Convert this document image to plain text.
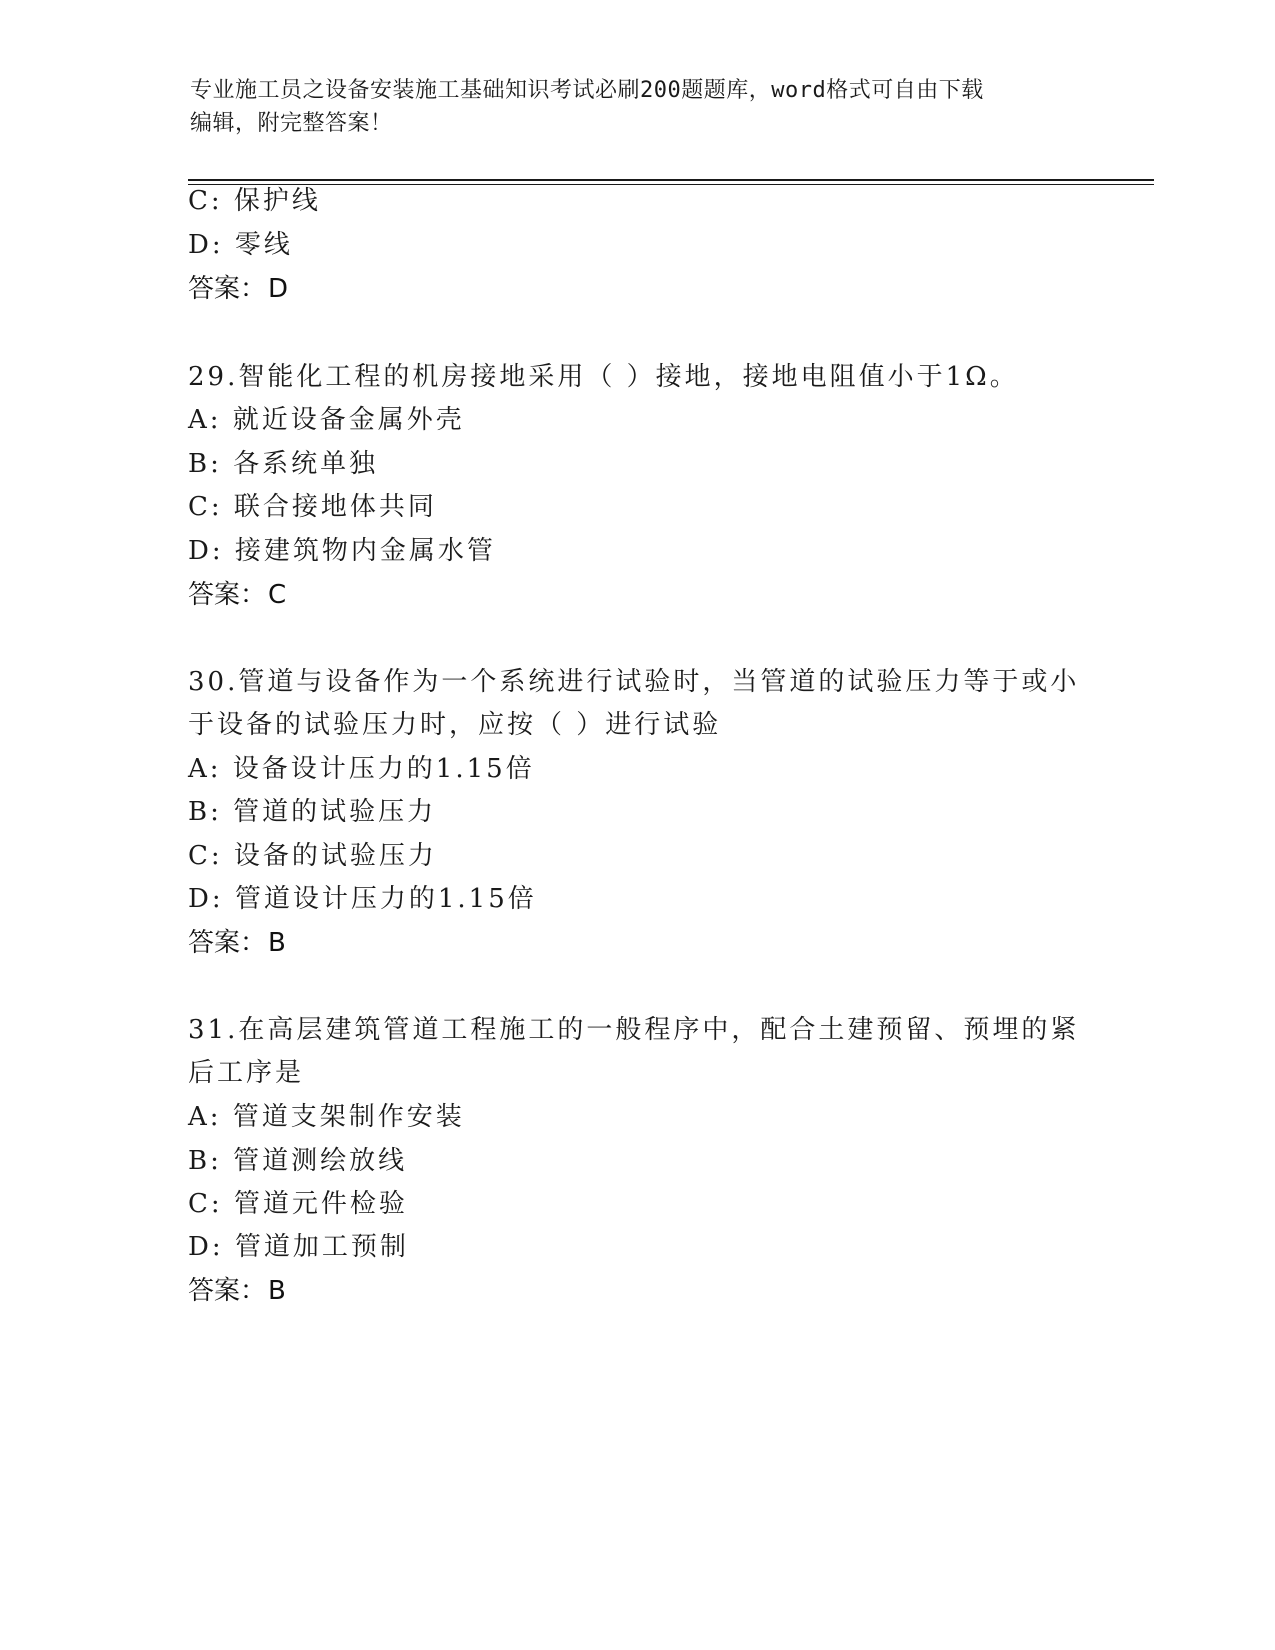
专业施工员之设备安装施工基础知识考试必刷200题题库，word格式可自由下载
编辑，附完整答案！
C: 保护线
D: 零线
答案：D
29.智能化工程的机房接地采用（ ）接地，接地电阻值小于1Ω。
A: 就近设备金属外壳
B: 各系统单独
C: 联合接地体共同
D: 接建筑物内金属水管
答案：C
30.管道与设备作为一个系统进行试验时，当管道的试验压力等于或小
于设备的试验压力时，应按（ ）进行试验
A: 设备设计压力的1.15倍
B: 管道的试验压力
C: 设备的试验压力
D: 管道设计压力的1.15倍
答案：B
31.在高层建筑管道工程施工的一般程序中，配合土建预留、预埋的紧
后工序是
A: 管道支架制作安装
B: 管道测绘放线
C: 管道元件检验
D: 管道加工预制
答案：B
